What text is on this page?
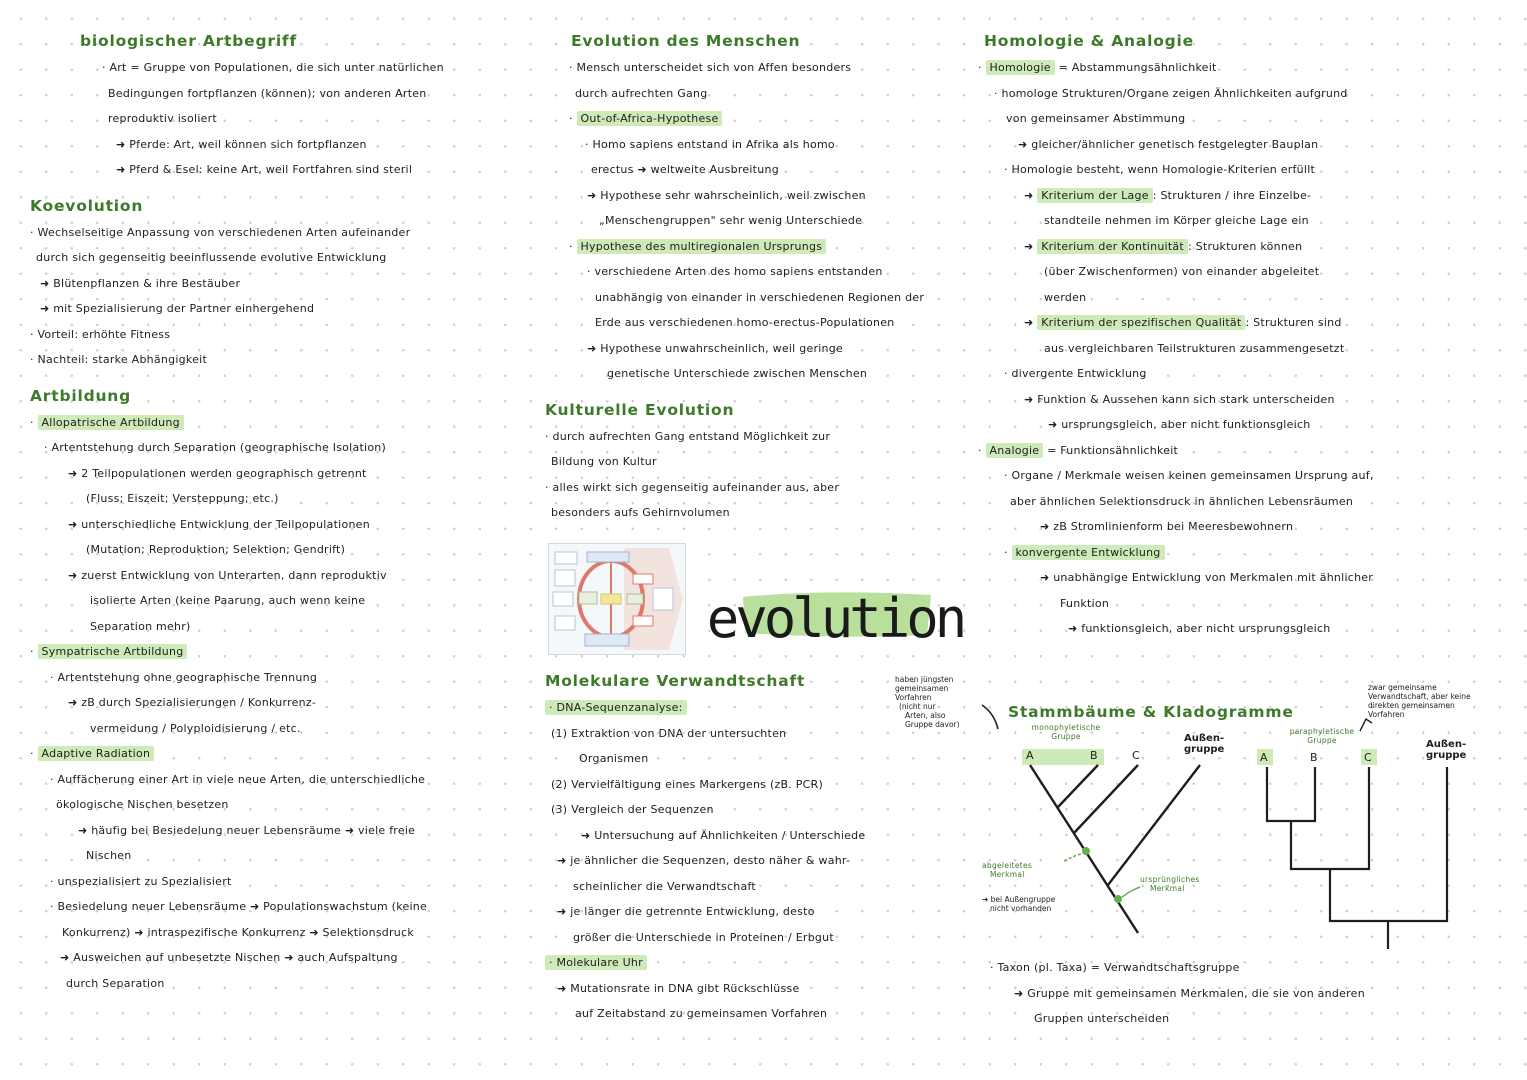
biologischer Artbegriff
· Art = Gruppe von Populationen, die sich unter natürlichen
Bedingungen fortpflanzen (können); von anderen Arten
reproduktiv isoliert
➜ Pferde: Art, weil können sich fortpflanzen
➜ Pferd & Esel: keine Art, weil Fortfahren sind steril
Koevolution
· Wechselseitige Anpassung von verschiedenen Arten aufeinander
durch sich gegenseitig beeinflussende evolutive Entwicklung
➜ Blütenpflanzen & ihre Bestäuber
➜ mit Spezialisierung der Partner einhergehend
· Vorteil: erhöhte Fitness
· Nachteil: starke Abhängigkeit
Artbildung
· Allopatrische Artbildung
· Artentstehung durch Separation (geographische Isolation)
➜ 2 Teilpopulationen werden geographisch getrennt
(Fluss; Eiszeit; Versteppung; etc.)
➜ unterschiedliche Entwicklung der Teilpopulationen
(Mutation; Reproduktion; Selektion; Gendrift)
➜ zuerst Entwicklung von Unterarten, dann reproduktiv
isolierte Arten (keine Paarung, auch wenn keine
Separation mehr)
· Sympatrische Artbildung
· Artentstehung ohne geographische Trennung
➜ zB durch Spezialisierungen / Konkurrenz-
vermeidung / Polyploidisierung / etc.
· Adaptive Radiation
· Auffächerung einer Art in viele neue Arten, die unterschiedliche
ökologische Nischen besetzen
➜ häufig bei Besiedelung neuer Lebensräume ➜ viele freie
Nischen
· unspezialisiert zu Spezialisiert
· Besiedelung neuer Lebensräume ➜ Populationswachstum (keine
Konkurrenz) ➜ intraspezifische Konkurrenz ➜ Selektionsdruck
➜ Ausweichen auf unbesetzte Nischen ➜ auch Aufspaltung
durch Separation
Evolution des Menschen
· Mensch unterscheidet sich von Affen besonders
durch aufrechten Gang
· Out-of-Africa-Hypothese
· Homo sapiens entstand in Afrika als homo
erectus ➜ weltweite Ausbreitung
➜ Hypothese sehr wahrscheinlich, weil zwischen
„Menschengruppen" sehr wenig Unterschiede
· Hypothese des multiregionalen Ursprungs
· verschiedene Arten des homo sapiens entstanden
unabhängig von einander in verschiedenen Regionen der
Erde aus verschiedenen homo-erectus-Populationen
➜ Hypothese unwahrscheinlich, weil geringe
genetische Unterschiede zwischen Menschen
Kulturelle Evolution
· durch aufrechten Gang entstand Möglichkeit zur
Bildung von Kultur
· alles wirkt sich gegenseitig aufeinander aus, aber
besonders aufs Gehirnvolumen
Molekulare Verwandtschaft
· DNA-Sequenzanalyse:
(1) Extraktion von DNA der untersuchten
Organismen
(2) Vervielfältigung eines Markergens (zB. PCR)
(3) Vergleich der Sequenzen
➜ Untersuchung auf Ähnlichkeiten / Unterschiede
➜ je ähnlicher die Sequenzen, desto näher & wahr-
scheinlicher die Verwandtschaft
➜ je länger die getrennte Entwicklung, desto
größer die Unterschiede in Proteinen / Erbgut
· Molekulare Uhr
➜ Mutationsrate in DNA gibt Rückschlüsse
auf Zeitabstand zu gemeinsamen Vorfahren
evolution
Homologie & Analogie
· Homologie = Abstammungsähnlichkeit
· homologe Strukturen/Organe zeigen Ähnlichkeiten aufgrund
von gemeinsamer Abstimmung
➜ gleicher/ähnlicher genetisch festgelegter Bauplan
· Homologie besteht, wenn Homologie-Kriterien erfüllt
➜ Kriterium der Lage : Strukturen / ihre Einzelbe-
standteile nehmen im Körper gleiche Lage ein
➜ Kriterium der Kontinuität : Strukturen können
(über Zwischenformen) von einander abgeleitet
werden
➜ Kriterium der spezifischen Qualität : Strukturen sind
aus vergleichbaren Teilstrukturen zusammengesetzt
· divergente Entwicklung
➜ Funktion & Aussehen kann sich stark unterscheiden
➜ ursprungsgleich, aber nicht funktionsgleich
· Analogie = Funktionsähnlichkeit
· Organe / Merkmale weisen keinen gemeinsamen Ursprung auf,
aber ähnlichen Selektionsdruck in ähnlichen Lebensräumen
➜ zB Stromlinienform bei Meeresbewohnern
· konvergente Entwicklung
➜ unabhängige Entwicklung von Merkmalen mit ähnlicher
Funktion
➜ funktionsgleich, aber nicht ursprungsgleich
Stammbäume & Kladogramme
haben jüngsten
gemeinsamen
Vorfahren
(nicht nur
Arten, also
Gruppe davor)
zwar gemeinsame
Verwandtschaft, aber keine
direkten gemeinsamen
Vorfahren
monophyletische
Gruppe
paraphyletische
Gruppe
A	B	C
Außen-
gruppe
A	B	C
Außen-
gruppe
abgeleitetes
Merkmal
ursprüngliches
Merkmal
➜ bei Außengruppe
nicht vorhanden
· Taxon (pl. Taxa) = Verwandtschaftsgruppe
➜ Gruppe mit gemeinsamen Merkmalen, die sie von anderen
Gruppen unterscheiden
